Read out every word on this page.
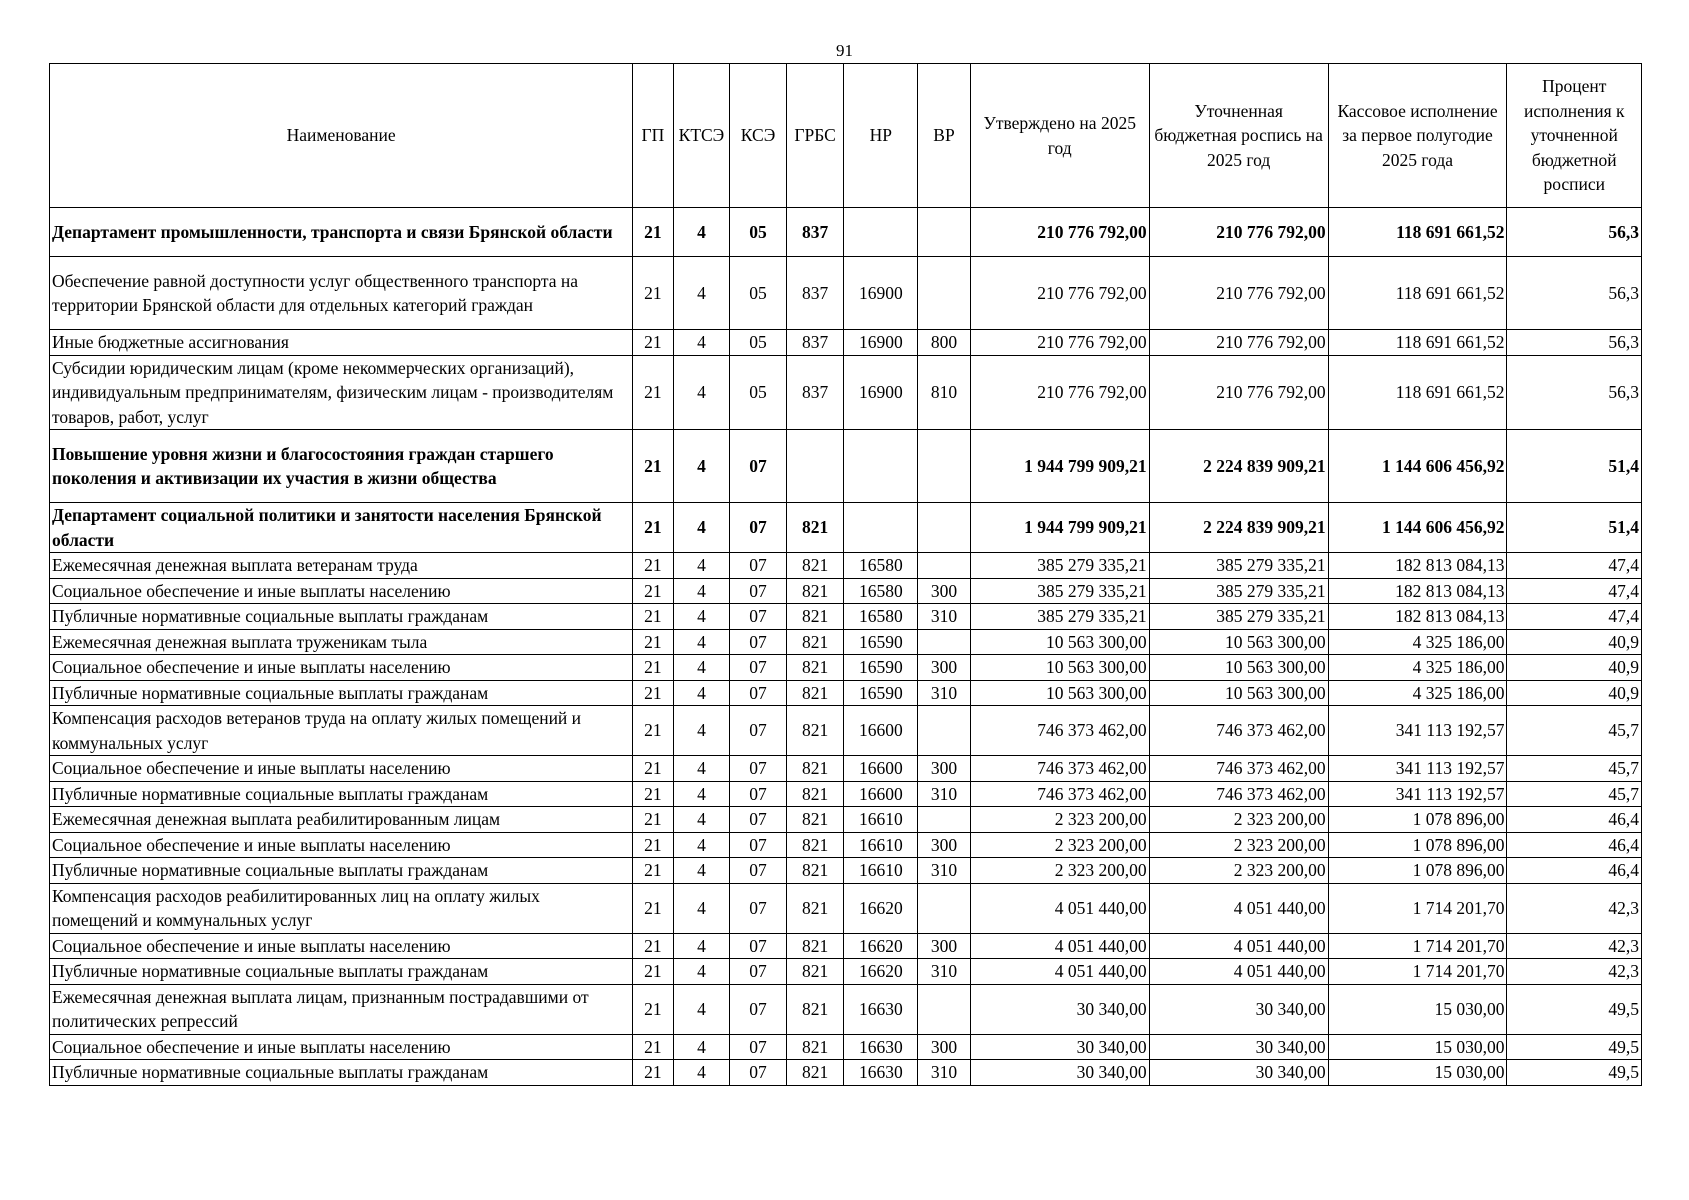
91
Наименование	ГП	КТСЭ	КСЭ	ГРБС	НР	ВР	Утверждено на 2025 год	Уточненная бюджетная роспись на 2025 год	Кассовое исполнение за первое полугодие 2025 года	Процент исполнения к уточненной бюджетной росписи
Департамент промышленности, транспорта и связи Брянской области	21	4	05	837			210 776 792,00	210 776 792,00	118 691 661,52	56,3
Обеспечение равной доступности услуг общественного транспорта на территории Брянской области для отдельных категорий граждан	21	4	05	837	16900		210 776 792,00	210 776 792,00	118 691 661,52	56,3
Иные бюджетные ассигнования	21	4	05	837	16900	800	210 776 792,00	210 776 792,00	118 691 661,52	56,3
Субсидии юридическим лицам (кроме некоммерческих организаций), индивидуальным предпринимателям, физическим лицам - производителям товаров, работ, услуг	21	4	05	837	16900	810	210 776 792,00	210 776 792,00	118 691 661,52	56,3
Повышение уровня жизни и благосостояния граждан старшего поколения и активизации их участия в жизни общества	21	4	07				1 944 799 909,21	2 224 839 909,21	1 144 606 456,92	51,4
Департамент социальной политики и занятости населения Брянской области	21	4	07	821			1 944 799 909,21	2 224 839 909,21	1 144 606 456,92	51,4
Ежемесячная денежная выплата ветеранам труда	21	4	07	821	16580		385 279 335,21	385 279 335,21	182 813 084,13	47,4
Социальное обеспечение и иные выплаты населению	21	4	07	821	16580	300	385 279 335,21	385 279 335,21	182 813 084,13	47,4
Публичные нормативные социальные выплаты гражданам	21	4	07	821	16580	310	385 279 335,21	385 279 335,21	182 813 084,13	47,4
Ежемесячная денежная выплата труженикам тыла	21	4	07	821	16590		10 563 300,00	10 563 300,00	4 325 186,00	40,9
Социальное обеспечение и иные выплаты населению	21	4	07	821	16590	300	10 563 300,00	10 563 300,00	4 325 186,00	40,9
Публичные нормативные социальные выплаты гражданам	21	4	07	821	16590	310	10 563 300,00	10 563 300,00	4 325 186,00	40,9
Компенсация расходов ветеранов труда на оплату жилых помещений и коммунальных услуг	21	4	07	821	16600		746 373 462,00	746 373 462,00	341 113 192,57	45,7
Социальное обеспечение и иные выплаты населению	21	4	07	821	16600	300	746 373 462,00	746 373 462,00	341 113 192,57	45,7
Публичные нормативные социальные выплаты гражданам	21	4	07	821	16600	310	746 373 462,00	746 373 462,00	341 113 192,57	45,7
Ежемесячная денежная выплата реабилитированным лицам	21	4	07	821	16610		2 323 200,00	2 323 200,00	1 078 896,00	46,4
Социальное обеспечение и иные выплаты населению	21	4	07	821	16610	300	2 323 200,00	2 323 200,00	1 078 896,00	46,4
Публичные нормативные социальные выплаты гражданам	21	4	07	821	16610	310	2 323 200,00	2 323 200,00	1 078 896,00	46,4
Компенсация расходов реабилитированных лиц на оплату жилых помещений и коммунальных услуг	21	4	07	821	16620		4 051 440,00	4 051 440,00	1 714 201,70	42,3
Социальное обеспечение и иные выплаты населению	21	4	07	821	16620	300	4 051 440,00	4 051 440,00	1 714 201,70	42,3
Публичные нормативные социальные выплаты гражданам	21	4	07	821	16620	310	4 051 440,00	4 051 440,00	1 714 201,70	42,3
Ежемесячная денежная выплата лицам, признанным пострадавшими от политических репрессий	21	4	07	821	16630		30 340,00	30 340,00	15 030,00	49,5
Социальное обеспечение и иные выплаты населению	21	4	07	821	16630	300	30 340,00	30 340,00	15 030,00	49,5
Публичные нормативные социальные выплаты гражданам	21	4	07	821	16630	310	30 340,00	30 340,00	15 030,00	49,5
